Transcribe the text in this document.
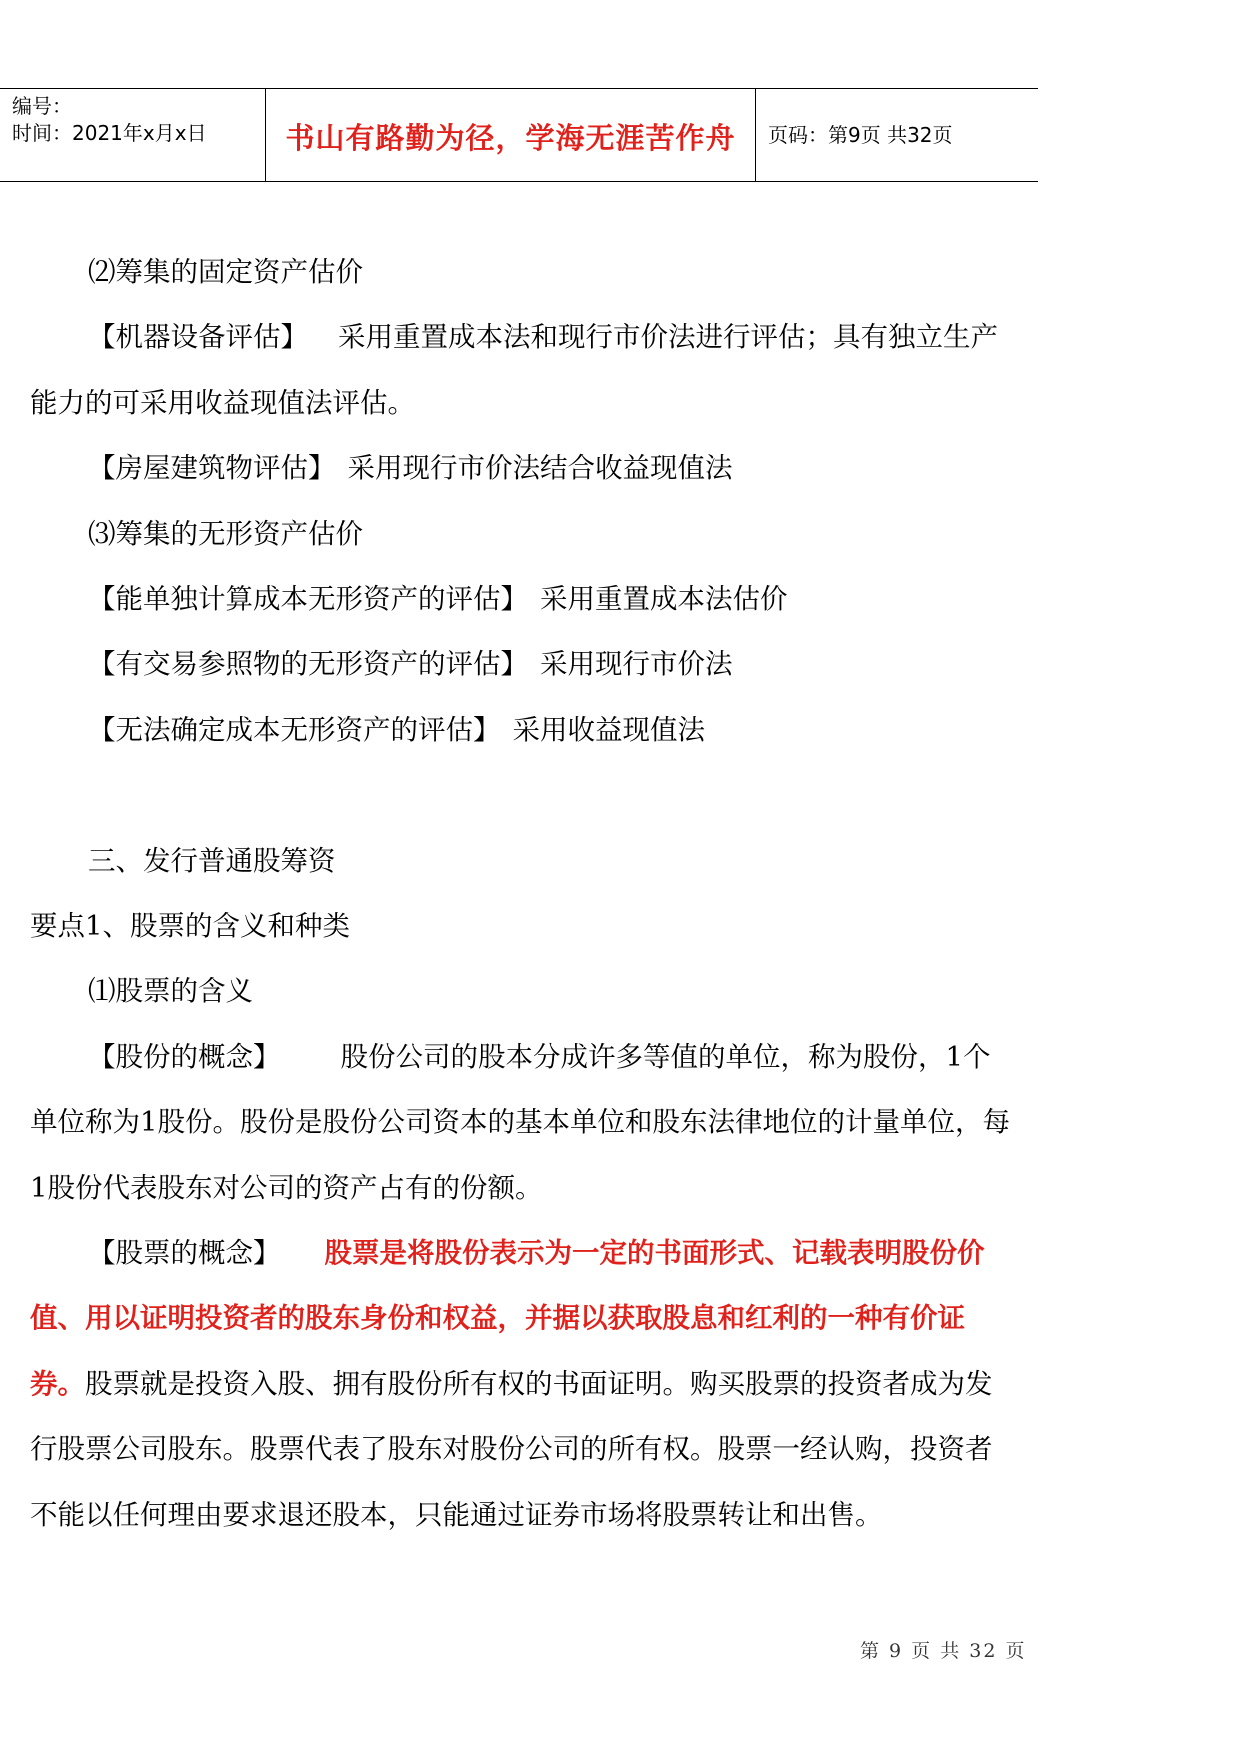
编号：
时间：2021年x月x日	书山有路勤为径，学海无涯苦作舟	页码：第9页 共32页

⑵筹集的固定资产估价

【机器设备评估】 采用重置成本法和现行市价法进行评估；具有独立生产能力的可采用收益现值法评估。

【房屋建筑物评估】 采用现行市价法结合收益现值法

⑶筹集的无形资产估价

【能单独计算成本无形资产的评估】 采用重置成本法估价

【有交易参照物的无形资产的评估】 采用现行市价法

【无法确定成本无形资产的评估】 采用收益现值法

三、发行普通股筹资

要点1、股票的含义和种类

⑴股票的含义

【股份的概念】 股份公司的股本分成许多等值的单位，称为股份，1个单位称为1股份。股份是股份公司资本的基本单位和股东法律地位的计量单位，每1股份代表股东对公司的资产占有的份额。

【股票的概念】 股票是将股份表示为一定的书面形式、记载表明股份价值、用以证明投资者的股东身份和权益，并据以获取股息和红利的一种有价证券。股票就是投资入股、拥有股份所有权的书面证明。购买股票的投资者成为发行股票公司股东。股票代表了股东对股份公司的所有权。股票一经认购，投资者不能以任何理由要求退还股本，只能通过证券市场将股票转让和出售。

第 9 页 共 32 页
